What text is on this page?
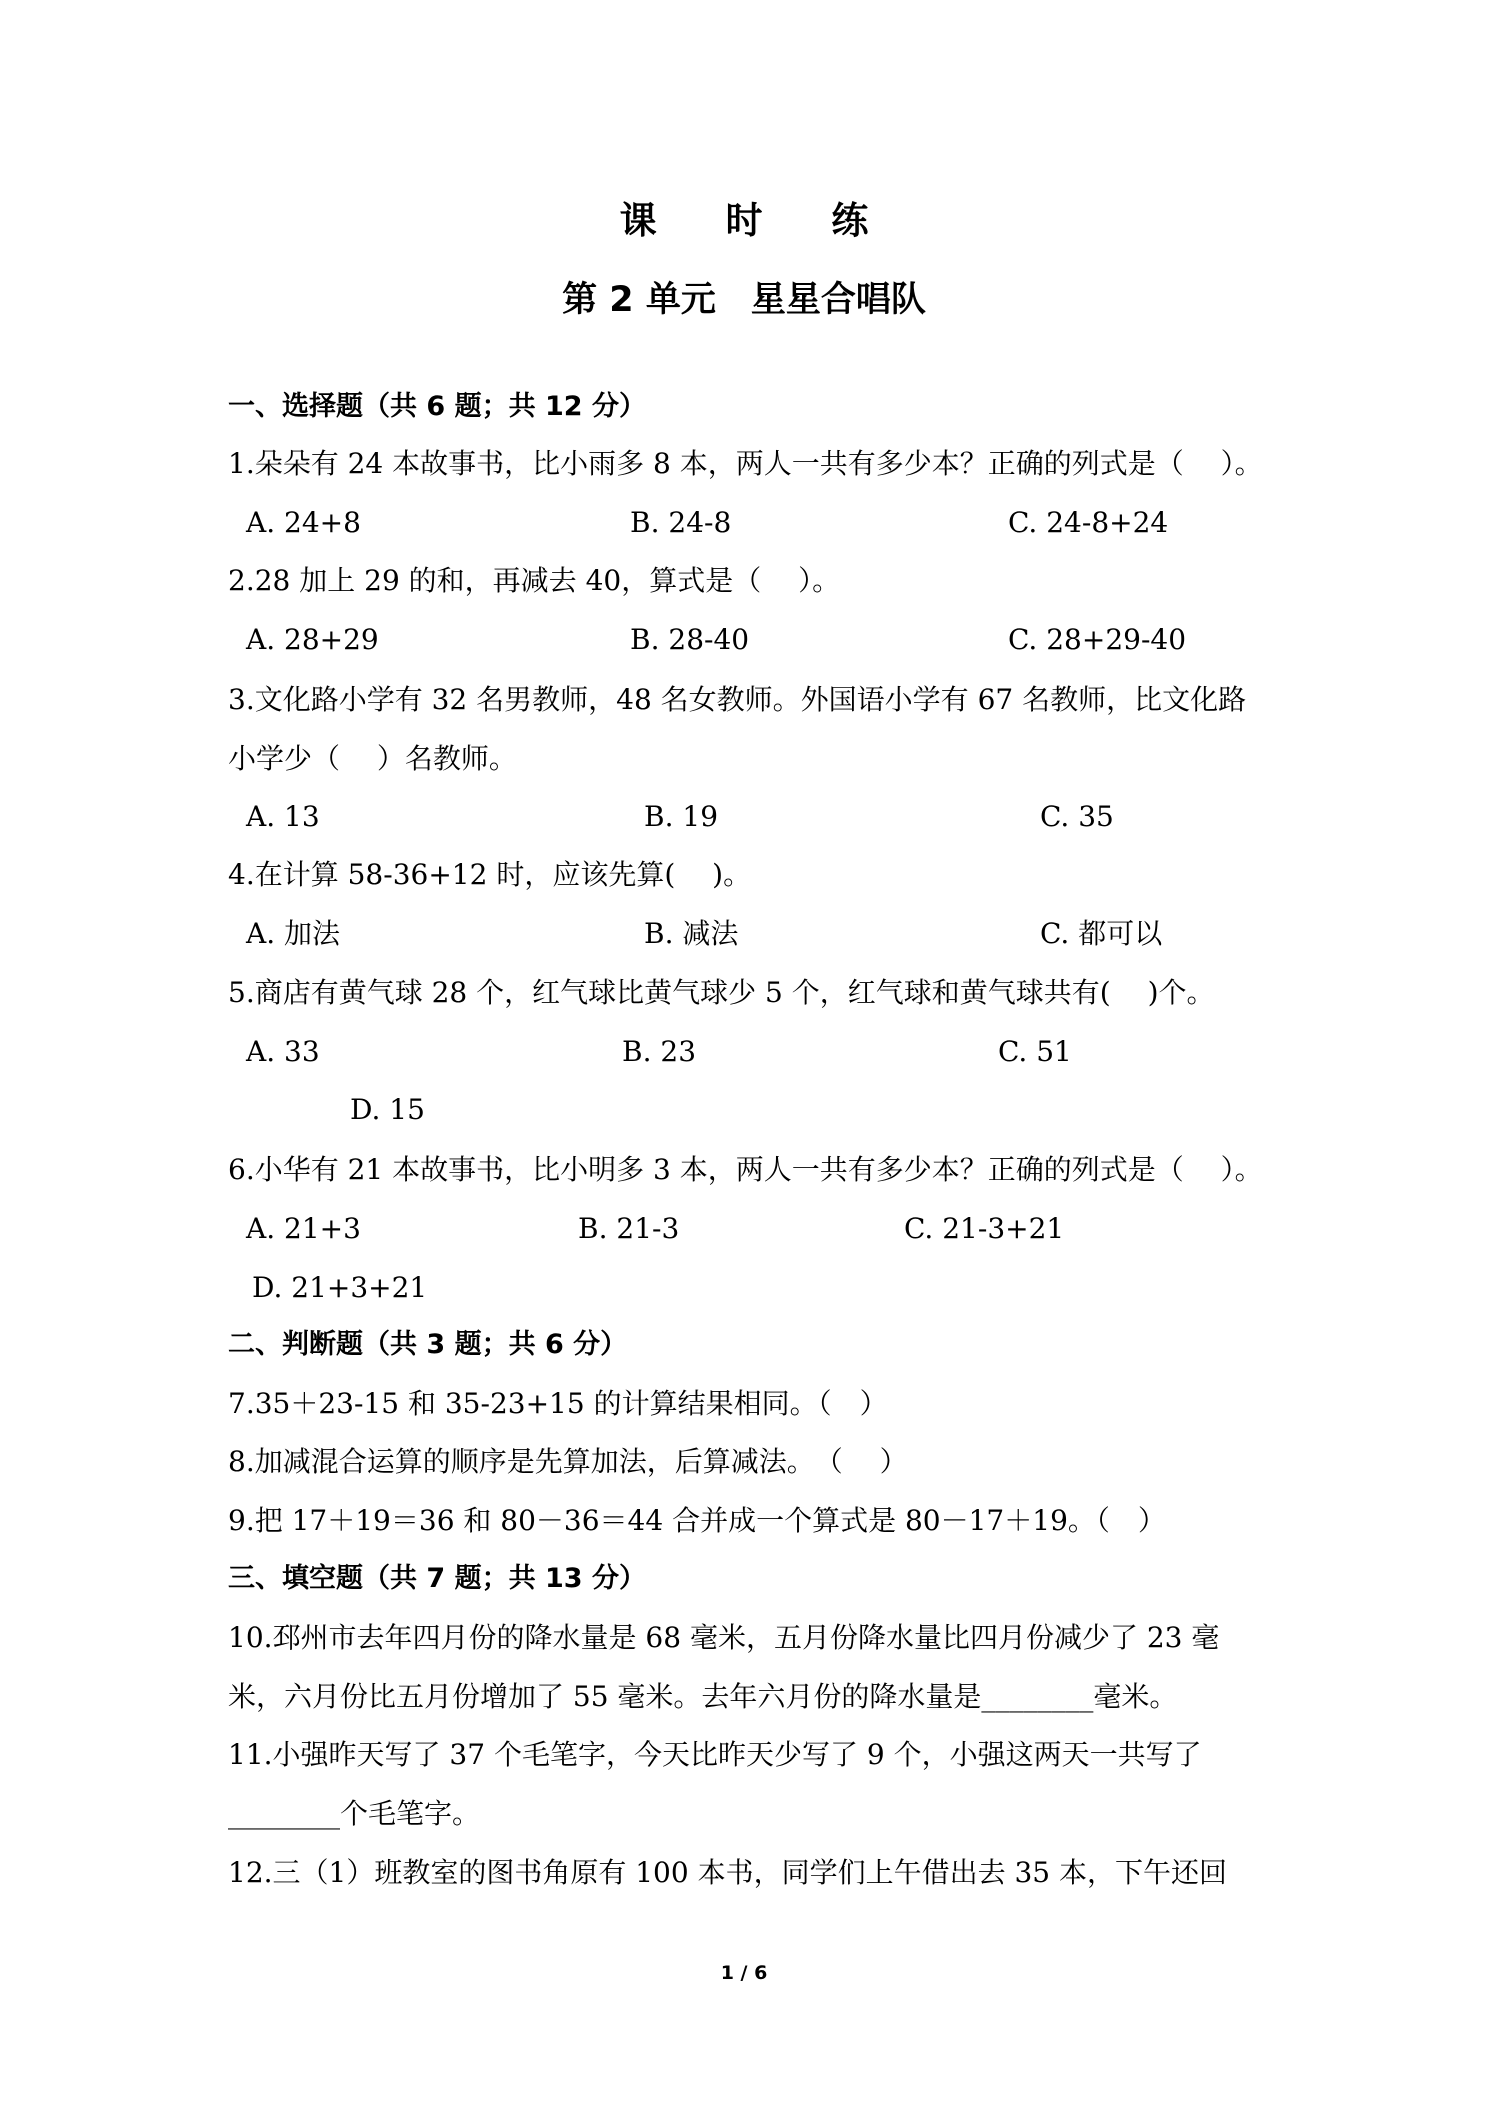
课 时 练
第 2 单元　星星合唱队
一、选择题（共 6 题；共 12 分）
1.朵朵有 24 本故事书，比小雨多 8 本，两人一共有多少本？正确的列式是（　 ）。
A. 24+8	B. 24-8	C. 24-8+24
2.28 加上 29 的和，再减去 40，算式是（　 ）。
A. 28+29	B. 28-40	C. 28+29-40
3.文化路小学有 32 名男教师，48 名女教师。外国语小学有 67 名教师，比文化路
小学少（　 ）名教师。
A. 13	B. 19	C. 35
4.在计算 58-36+12 时，应该先算(　 )。
A. 加法	B. 减法	C. 都可以
5.商店有黄气球 28 个，红气球比黄气球少 5 个，红气球和黄气球共有(　 )个。
A. 33	B. 23	C. 51
D. 15
6.小华有 21 本故事书，比小明多 3 本，两人一共有多少本？正确的列式是（　 ）。
A. 21+3	B. 21-3	C. 21-3+21
D. 21+3+21
二、判断题（共 3 题；共 6 分）
7.35＋23-15 和 35-23+15 的计算结果相同。（　）
8.加减混合运算的顺序是先算加法，后算减法。　（　 ）
9.把 17＋19＝36 和 80－36＝44 合并成一个算式是 80－17＋19。（　）
三、填空题（共 7 题；共 13 分）
10.邳州市去年四月份的降水量是 68 毫米，五月份降水量比四月份减少了 23 毫
米，六月份比五月份增加了 55 毫米。去年六月份的降水量是________毫米。
11.小强昨天写了 37 个毛笔字，今天比昨天少写了 9 个，小强这两天一共写了
________个毛笔字。
12.三（1）班教室的图书角原有 100 本书，同学们上午借出去 35 本，下午还回
1 / 6
